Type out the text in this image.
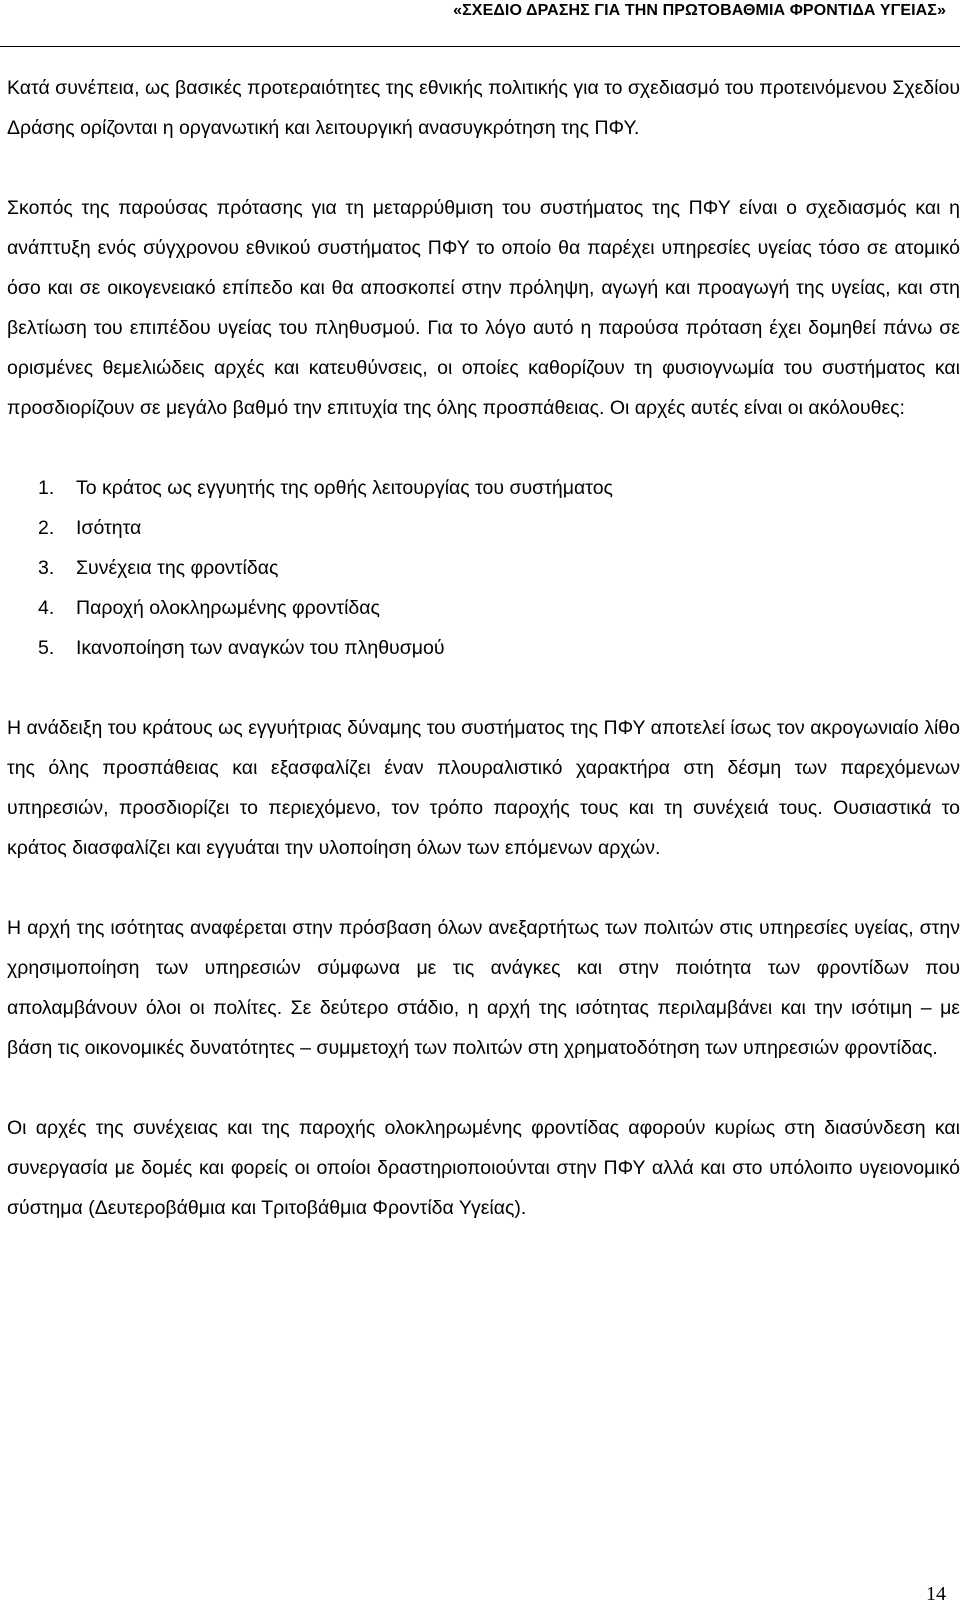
«ΣΧΕΔΙΟ ΔΡΑΣΗΣ ΓΙΑ ΤΗΝ ΠΡΩΤΟΒΑΘΜΙΑ ΦΡΟΝΤΙΔΑ ΥΓΕΙΑΣ»

Κατά συνέπεια, ως βασικές προτεραιότητες της εθνικής πολιτικής για το σχεδιασμό του προτεινόμενου Σχεδίου Δράσης ορίζονται η οργανωτική και λειτουργική ανασυγκρότηση της ΠΦΥ.

Σκοπός της παρούσας πρότασης για τη μεταρρύθμιση του συστήματος της ΠΦΥ είναι ο σχεδιασμός και η ανάπτυξη ενός σύγχρονου εθνικού συστήματος ΠΦΥ το οποίο θα παρέχει υπηρεσίες υγείας τόσο σε ατομικό όσο και σε οικογενειακό επίπεδο και θα αποσκοπεί στην πρόληψη, αγωγή και προαγωγή της υγείας, και στη βελτίωση του επιπέδου υγείας του πληθυσμού. Για το λόγο αυτό η παρούσα πρόταση έχει δομηθεί πάνω σε ορισμένες θεμελιώδεις αρχές και κατευθύνσεις, οι οποίες καθορίζουν τη φυσιογνωμία του συστήματος και προσδιορίζουν σε μεγάλο βαθμό την επιτυχία της όλης προσπάθειας. Οι αρχές αυτές είναι οι ακόλουθες:

1. Το κράτος ως εγγυητής της ορθής λειτουργίας του συστήματος
2. Ισότητα
3. Συνέχεια της φροντίδας
4. Παροχή ολοκληρωμένης φροντίδας
5. Ικανοποίηση των αναγκών του πληθυσμού

Η ανάδειξη του κράτους ως εγγυήτριας δύναμης του συστήματος της ΠΦΥ αποτελεί ίσως τον ακρογωνιαίο λίθο της όλης προσπάθειας και εξασφαλίζει έναν πλουραλιστικό χαρακτήρα στη δέσμη των παρεχόμενων υπηρεσιών, προσδιορίζει το περιεχόμενο, τον τρόπο παροχής τους και τη συνέχειά τους. Ουσιαστικά το κράτος διασφαλίζει και εγγυάται την υλοποίηση όλων των επόμενων αρχών.

Η αρχή της ισότητας αναφέρεται στην πρόσβαση όλων ανεξαρτήτως των πολιτών στις υπηρεσίες υγείας, στην χρησιμοποίηση των υπηρεσιών σύμφωνα με τις ανάγκες και στην ποιότητα των φροντίδων που απολαμβάνουν όλοι οι πολίτες. Σε δεύτερο στάδιο, η αρχή της ισότητας περιλαμβάνει και την ισότιμη – με βάση τις οικονομικές δυνατότητες – συμμετοχή των πολιτών στη χρηματοδότηση των υπηρεσιών φροντίδας.

Οι αρχές της συνέχειας και της παροχής ολοκληρωμένης φροντίδας αφορούν κυρίως στη διασύνδεση και συνεργασία με δομές και φορείς οι οποίοι δραστηριοποιούνται στην ΠΦΥ αλλά και στο υπόλοιπο υγειονομικό σύστημα (Δευτεροβάθμια και Τριτοβάθμια Φροντίδα Υγείας).

14
